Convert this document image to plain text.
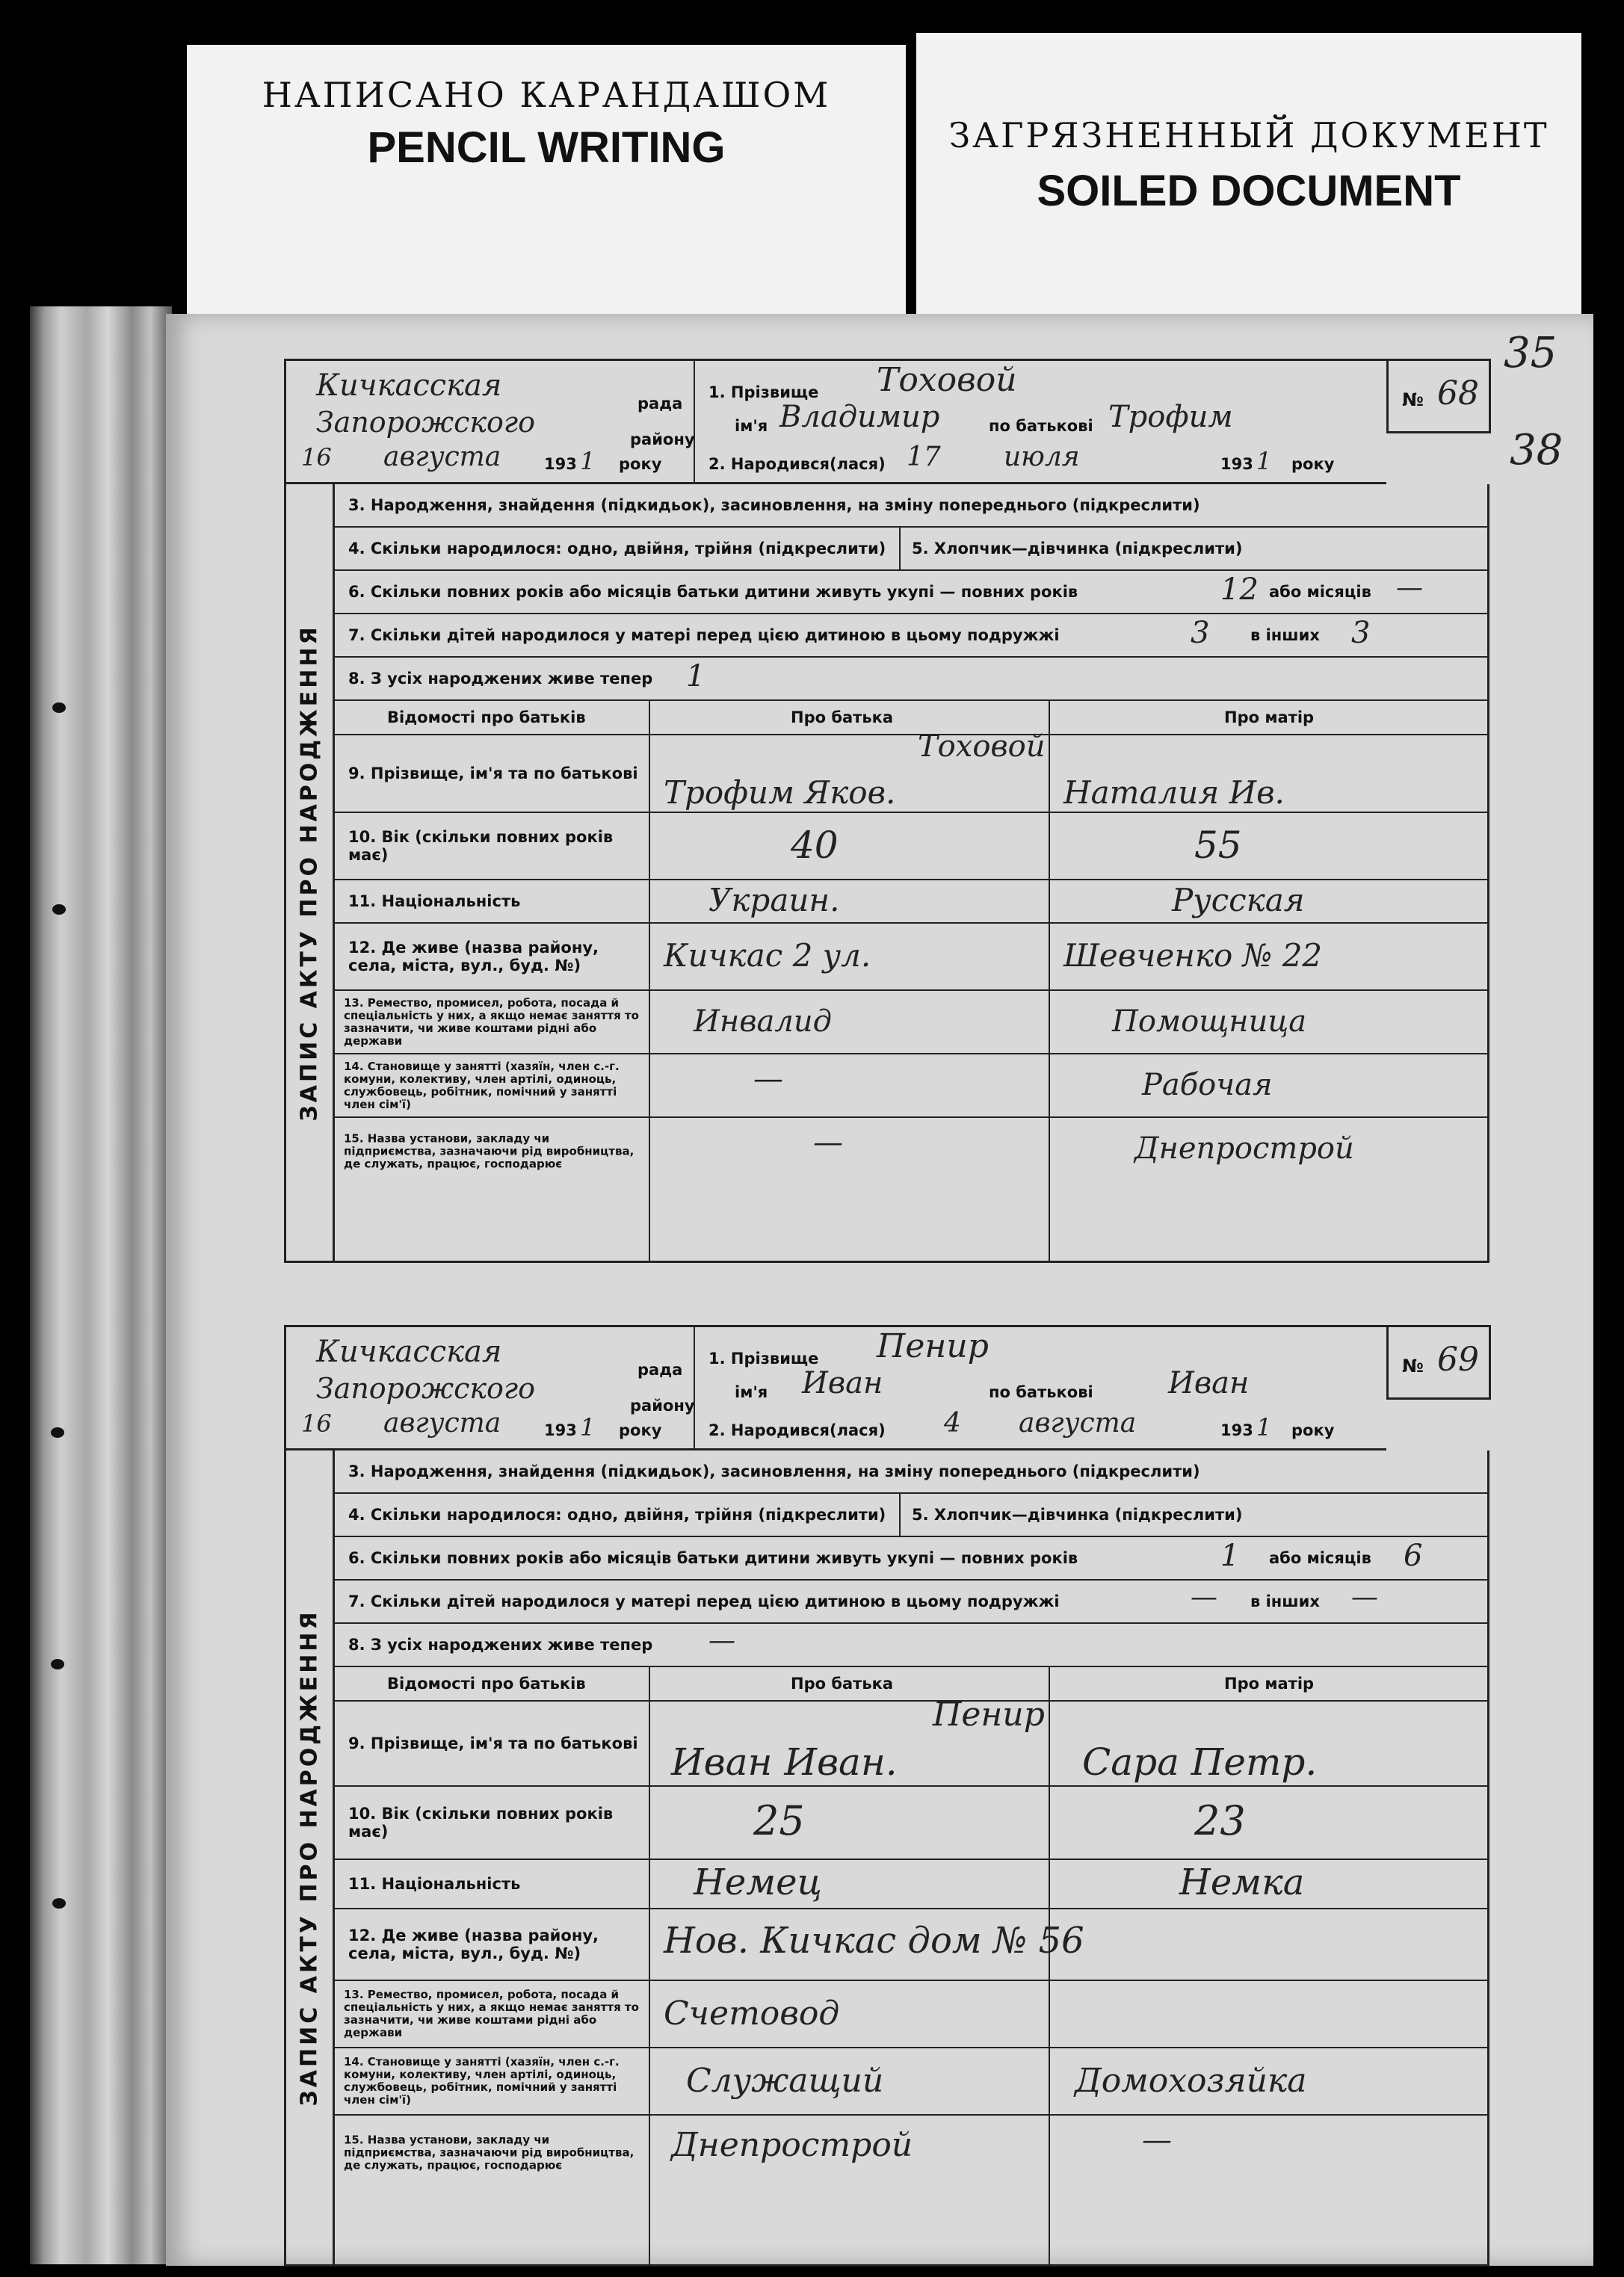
НАПИСАНО КАРАНДАШОМ
PENCIL WRITING	ЗАГРЯЗНЕННЫЙ ДОКУМЕНТ
SOILED DOCUMENT
35
Кичкасская
рада
Запорожского
району
16 августа	193 1 року
1. Прізвище Тоховой
ім'я Владимир	по батькові Трофим
2. Народився(лася) 17 июля	193 1 року
№ 68
38
ЗАПИС АКТУ ПРО НАРОДЖЕННЯ
3. Народження, знайдення (підкидьок), засиновлення, на зміну попереднього (підкреслити)
4. Скільки народилося: одно, двійня, трійня (підкреслити) 5. Хлопчик—дівчинка (підкреслити)
6. Скільки повних років або місяців батьки дитини живуть укупі — повних років	12 або місяців —
7. Скільки дітей народилося у матері перед цією дитиною в цьому подружжі	3	в інших 3
8. З усіх народжених живе тепер 1
Відомості про батьків	Про батька	Про матір
9. Прізвище, ім'я та по батькові
Тоховой
Трофим Яков.	Наталия Ив.
10. Вік (скільки повних років має)	40	55
11. Національність	Украин.	Русская
12. Де живе (назва району, села, міста, вул., буд. №)	Кичкас 2 ул.	Шевченко № 22
13. Ремество, промисел, робота, посада й спеціальність у них, а якщо немає заняття то зазначити, чи живе коштами рідні або держави
Инвалид	Помощница
14. Становище у занятті (хазяїн, член с.-г. комуни, колективу, член артілі, одиноць, службовець, робітник, помічний у занятті член сім'ї)
—	Рабочая
15. Назва установи, закладу чи підприємства, зазначаючи рід виробництва, де служать, працює, господарює
—	Днепрострой
Кичкасская
рада
Запорожского
району
16 августа	193 1 року
1. Прізвище Пенир
ім'я Иван	по батькові	Иван
2. Народився(лася) 4 августа	193 1 року
№ 69
ЗАПИС АКТУ ПРО НАРОДЖЕННЯ
3. Народження, знайдення (підкидьок), засиновлення, на зміну попереднього (підкреслити)
4. Скільки народилося: одно, двійня, трійня (підкреслити) 5. Хлопчик—дівчинка (підкреслити)
6. Скільки повних років або місяців батьки дитини живуть укупі — повних років	1 або місяців 6
7. Скільки дітей народилося у матері перед цією дитиною в цьому подружжі	— в інших —
8. З усіх народжених живе тепер —
Відомості про батьків	Про батька	Про матір
9. Прізвище, ім'я та по батькові
Пенир
Иван Иван.	Сара Петр.
10. Вік (скільки повних років має)	25	23
11. Національність	Немец	Немка
12. Де живе (назва району, села, міста, вул., буд. №)	Нов. Кичкас дом № 56
13. Ремество, промисел, робота, посада й спеціальність у них, а якщо немає заняття то зазначити, чи живе коштами рідні або держави	Счетовод
14. Становище у занятті (хазяїн, член с.-г. комуни, колективу, член артілі, одиноць, службовець, робітник, помічний у занятті член сім'ї)	Служащий	Домохозяйка
15. Назва установи, закладу чи підприємства, зазначаючи рід виробництва, де служать, працює, господарює
Днепрострой	—
